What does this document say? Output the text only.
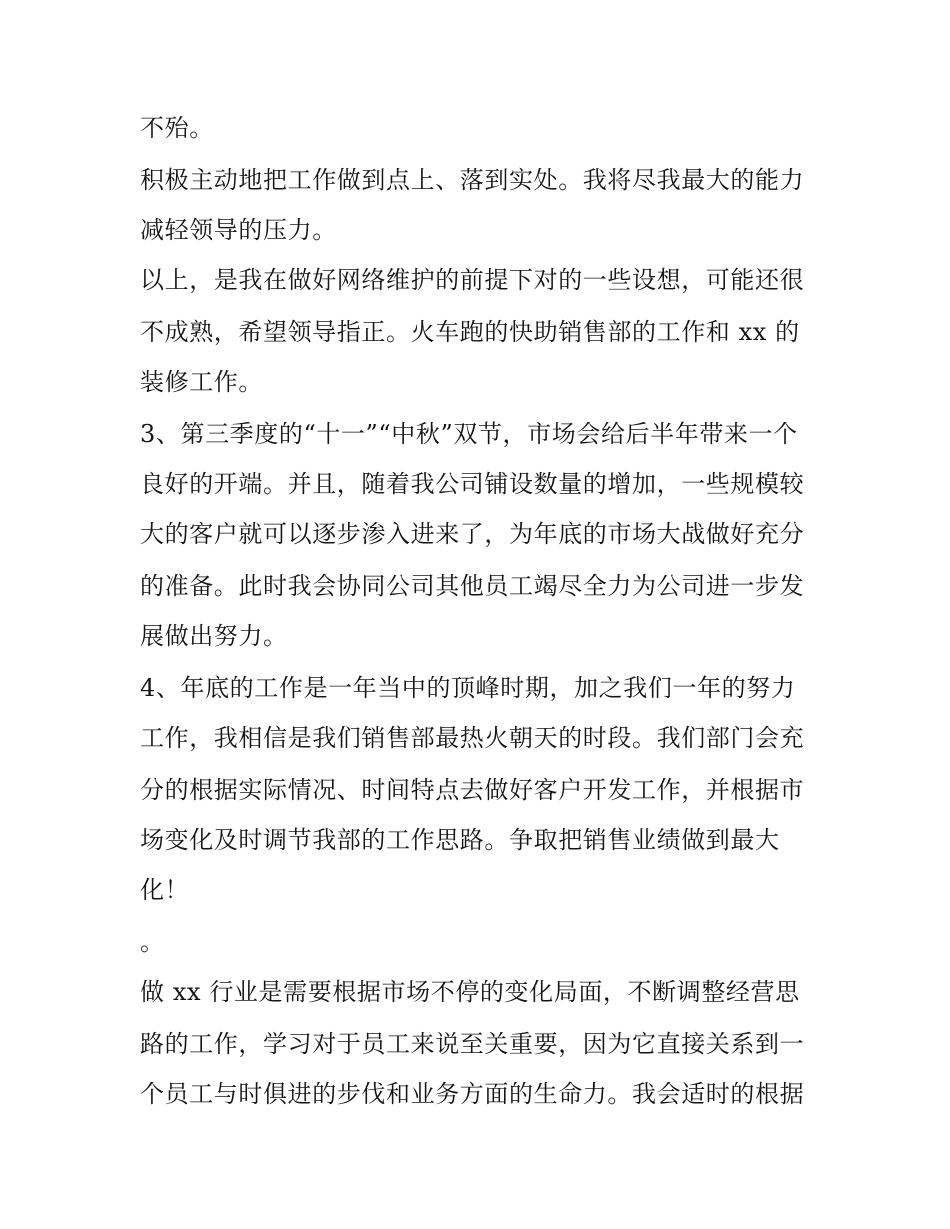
不殆。
积极主动地把工作做到点上、落到实处。我将尽我最大的能力
减轻领导的压力。
以上，是我在做好网络维护的前提下对的一些设想，可能还很
不成熟，希望领导指正。火车跑的快助销售部的工作和 xx 的
装修工作。
3、第三季度的“十一”“中秋”双节，市场会给后半年带来一个
良好的开端。并且，随着我公司铺设数量的增加，一些规模较
大的客户就可以逐步渗入进来了，为年底的市场大战做好充分
的准备。此时我会协同公司其他员工竭尽全力为公司进一步发
展做出努力。
4、年底的工作是一年当中的顶峰时期，加之我们一年的努力
工作，我相信是我们销售部最热火朝天的时段。我们部门会充
分的根据实际情况、时间特点去做好客户开发工作，并根据市
场变化及时调节我部的工作思路。争取把销售业绩做到最大
化！
。
做 xx 行业是需要根据市场不停的变化局面，不断调整经营思
路的工作，学习对于员工来说至关重要，因为它直接关系到一
个员工与时俱进的步伐和业务方面的生命力。我会适时的根据
